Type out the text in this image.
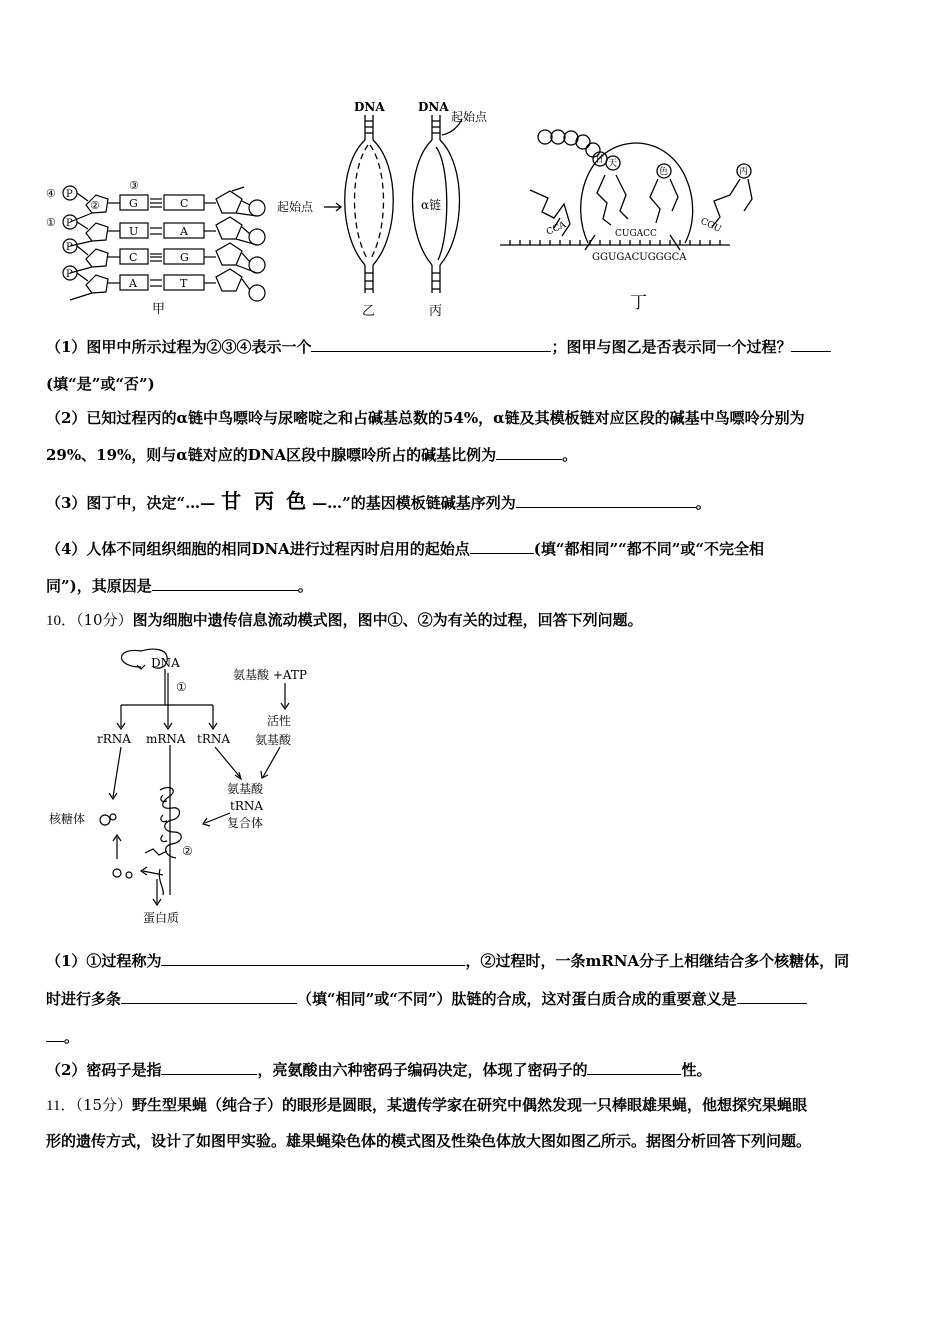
④
①
P
P
P
P
②
③
G
U
C
A
C
A
G
T
甲
DNA
起始点
乙
DNA
起始点
α链
丙
甘 天
色	丙
CCA	CUGACC	CGU
GGUGACUGGGCA
丁
（1）图甲中所示过程为②③④表示一个	；图甲与图乙是否表示同一个过程？
(填“是”或“否”)
（2）已知过程丙的α链中鸟嘌呤与尿嘧啶之和占碱基总数的54%，α链及其模板链对应区段的碱基中鸟嘌呤分别为
29%、19%，则与α链对应的DNA区段中腺嘌呤所占的碱基比例为	。
（3）图丁中，决定“…— 甘 丙 色 —…”的基因模板链碱基序列为	。
（4）人体不同组织细胞的相同DNA进行过程丙时启用的起始点	(填“都相同”“都不同”或“不完全相
同”)，其原因是	。
10．（10分）图为细胞中遗传信息流动模式图，图中①、②为有关的过程，回答下列问题。
DNA
①
rRNA mRNA tRNA
氨基酸 +ATP
活性
氨基酸
氨基酸
tRNA
复合体
核糖体
②
蛋白质
（1）①过程称为	，②过程时，一条mRNA分子上相继结合多个核糖体，同
时进行多条	（填“相同”或“不同”）肽链的合成，这对蛋白质合成的重要意义是
。
（2）密码子是指	，亮氨酸由六种密码子编码决定，体现了密码子的	性。
11．（15分）野生型果蝇（纯合子）的眼形是圆眼，某遗传学家在研究中偶然发现一只棒眼雄果蝇，他想探究果蝇眼
形的遗传方式，设计了如图甲实验。雄果蝇染色体的模式图及性染色体放大图如图乙所示。据图分析回答下列问题。
